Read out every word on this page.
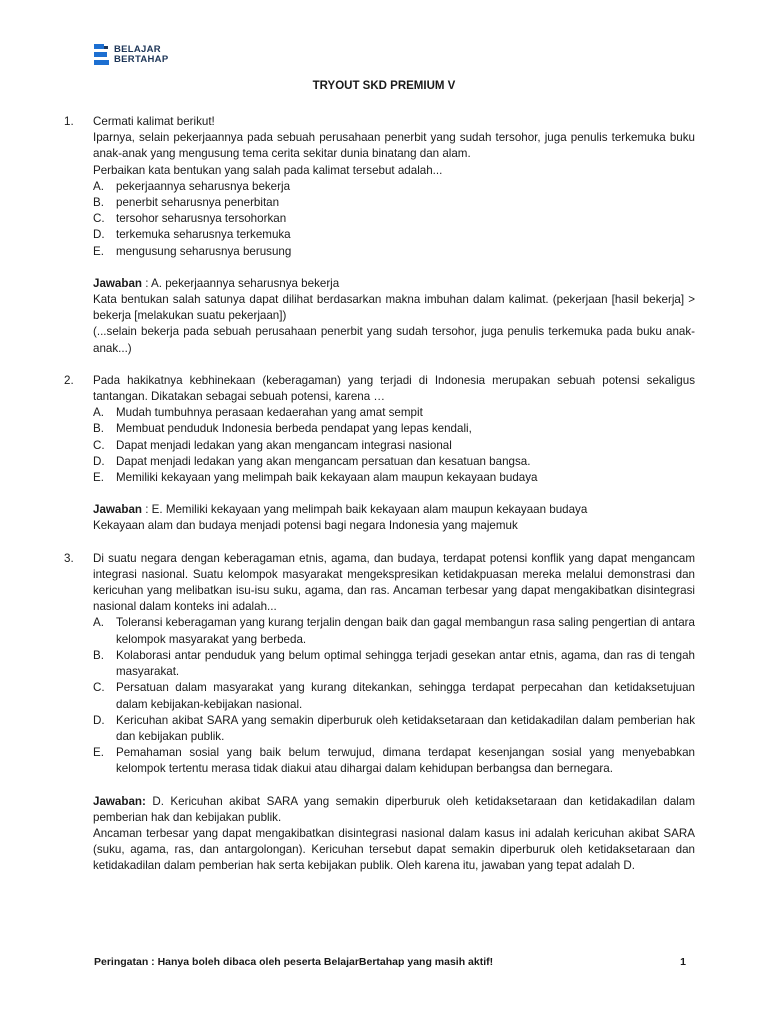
BELAJAR
BERTAHAP
TRYOUT SKD PREMIUM V
1.	Cermati kalimat berikut!

Iparnya, selain pekerjaannya pada sebuah perusahaan penerbit yang sudah tersohor, juga penulis terkemuka buku anak-anak yang mengusung tema cerita sekitar dunia binatang dan alam.

Perbaikan kata bentukan yang salah pada kalimat tersebut adalah...

A.	pekerjaannya seharusnya bekerja
B.	penerbit seharusnya penerbitan
C. tersohor seharusnya tersohorkan
D. terkemuka seharusnya terkemuka
E.	mengusung seharusnya berusung

Jawaban : A. pekerjaannya seharusnya bekerja

Kata bentukan salah satunya dapat dilihat berdasarkan makna imbuhan dalam kalimat. (pekerjaan [hasil bekerja] > bekerja [melakukan suatu pekerjaan])

(...selain bekerja pada sebuah perusahaan penerbit yang sudah tersohor, juga penulis terkemuka pada buku anak-anak...)

2.	Pada hakikatnya kebhinekaan (keberagaman) yang terjadi di Indonesia merupakan sebuah potensi sekaligus tantangan. Dikatakan sebagai sebuah potensi, karena …

A.	Mudah tumbuhnya perasaan kedaerahan yang amat sempit
B.	Membuat penduduk Indonesia berbeda pendapat yang lepas kendali,
C. Dapat menjadi ledakan yang akan mengancam integrasi nasional
D. Dapat menjadi ledakan yang akan mengancam persatuan dan kesatuan bangsa.
E.	Memiliki kekayaan yang melimpah baik kekayaan alam maupun kekayaan budaya

Jawaban : E. Memiliki kekayaan yang melimpah baik kekayaan alam maupun kekayaan budaya

Kekayaan alam dan budaya menjadi potensi bagi negara Indonesia yang majemuk

3.	Di suatu negara dengan keberagaman etnis, agama, dan budaya, terdapat potensi konflik yang dapat mengancam integrasi nasional. Suatu kelompok masyarakat mengekspresikan ketidakpuasan mereka melalui demonstrasi dan kericuhan yang melibatkan isu-isu suku, agama, dan ras. Ancaman terbesar yang dapat mengakibatkan disintegrasi nasional dalam konteks ini adalah...

A.	Toleransi keberagaman yang kurang terjalin dengan baik dan gagal membangun rasa saling pengertian di antara kelompok masyarakat yang berbeda.
B.	Kolaborasi antar penduduk yang belum optimal sehingga terjadi gesekan antar etnis, agama, dan ras di tengah masyarakat.
C. Persatuan dalam masyarakat yang kurang ditekankan, sehingga terdapat perpecahan dan ketidaksetujuan dalam kebijakan-kebijakan nasional.
D. Kericuhan akibat SARA yang semakin diperburuk oleh ketidaksetaraan dan ketidakadilan dalam pemberian hak dan kebijakan publik.
E.	Pemahaman sosial yang baik belum terwujud, dimana terdapat kesenjangan sosial yang menyebabkan kelompok tertentu merasa tidak diakui atau dihargai dalam kehidupan berbangsa dan bernegara.

Jawaban: D. Kericuhan akibat SARA yang semakin diperburuk oleh ketidaksetaraan dan ketidakadilan dalam pemberian hak dan kebijakan publik.

Ancaman terbesar yang dapat mengakibatkan disintegrasi nasional dalam kasus ini adalah kericuhan akibat SARA (suku, agama, ras, dan antargolongan). Kericuhan tersebut dapat semakin diperburuk oleh ketidaksetaraan dan ketidakadilan dalam pemberian hak serta kebijakan publik. Oleh karena itu, jawaban yang tepat adalah D.

Peringatan : Hanya boleh dibaca oleh peserta BelajarBertahap yang masih aktif!	1
